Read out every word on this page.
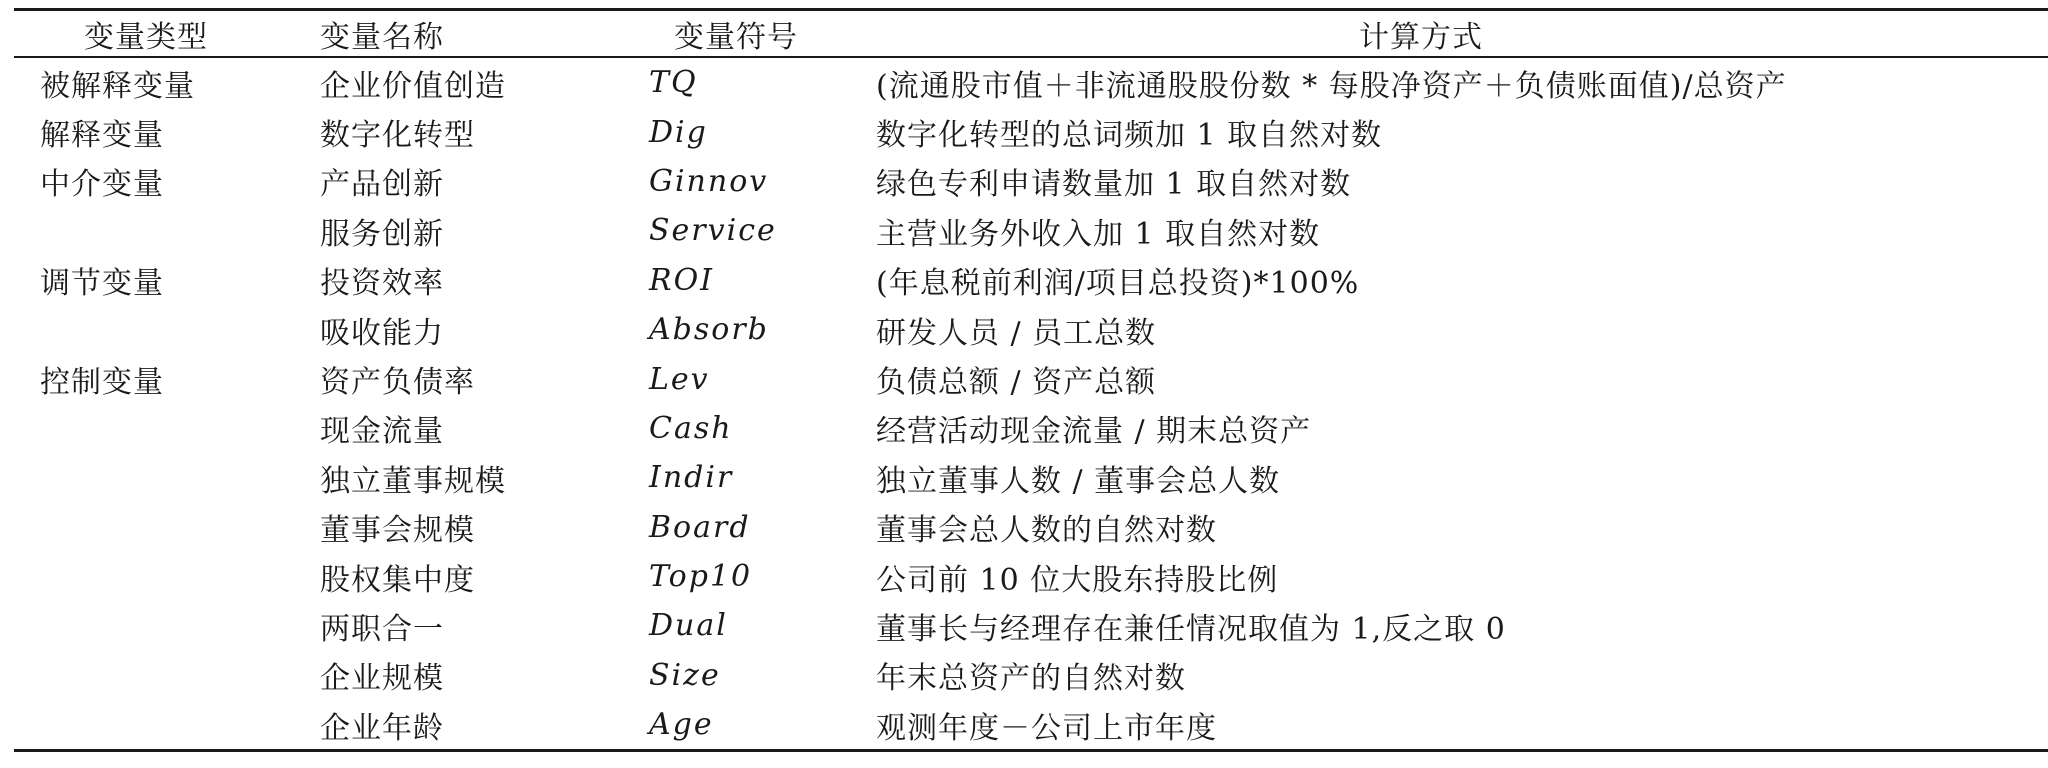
变量类型	变量名称	变量符号	计算方式
被解释变量	企业价值创造	TQ	(流通股市值＋非流通股股份数 * 每股净资产＋负债账面值)/总资产
解释变量	数字化转型	Dig	数字化转型的总词频加 1 取自然对数
中介变量	产品创新	Ginnov	绿色专利申请数量加 1 取自然对数
	服务创新	Service	主营业务外收入加 1 取自然对数
调节变量	投资效率	ROI	(年息税前利润/项目总投资)*100%
	吸收能力	Absorb	研发人员 / 员工总数
控制变量	资产负债率	Lev	负债总额 / 资产总额
	现金流量	Cash	经营活动现金流量 / 期末总资产
	独立董事规模	Indir	独立董事人数 / 董事会总人数
	董事会规模	Board	董事会总人数的自然对数
	股权集中度	Top10	公司前 10 位大股东持股比例
	两职合一	Dual	董事长与经理存在兼任情况取值为 1,反之取 0
	企业规模	Size	年末总资产的自然对数
	企业年龄	Age	观测年度－公司上市年度
